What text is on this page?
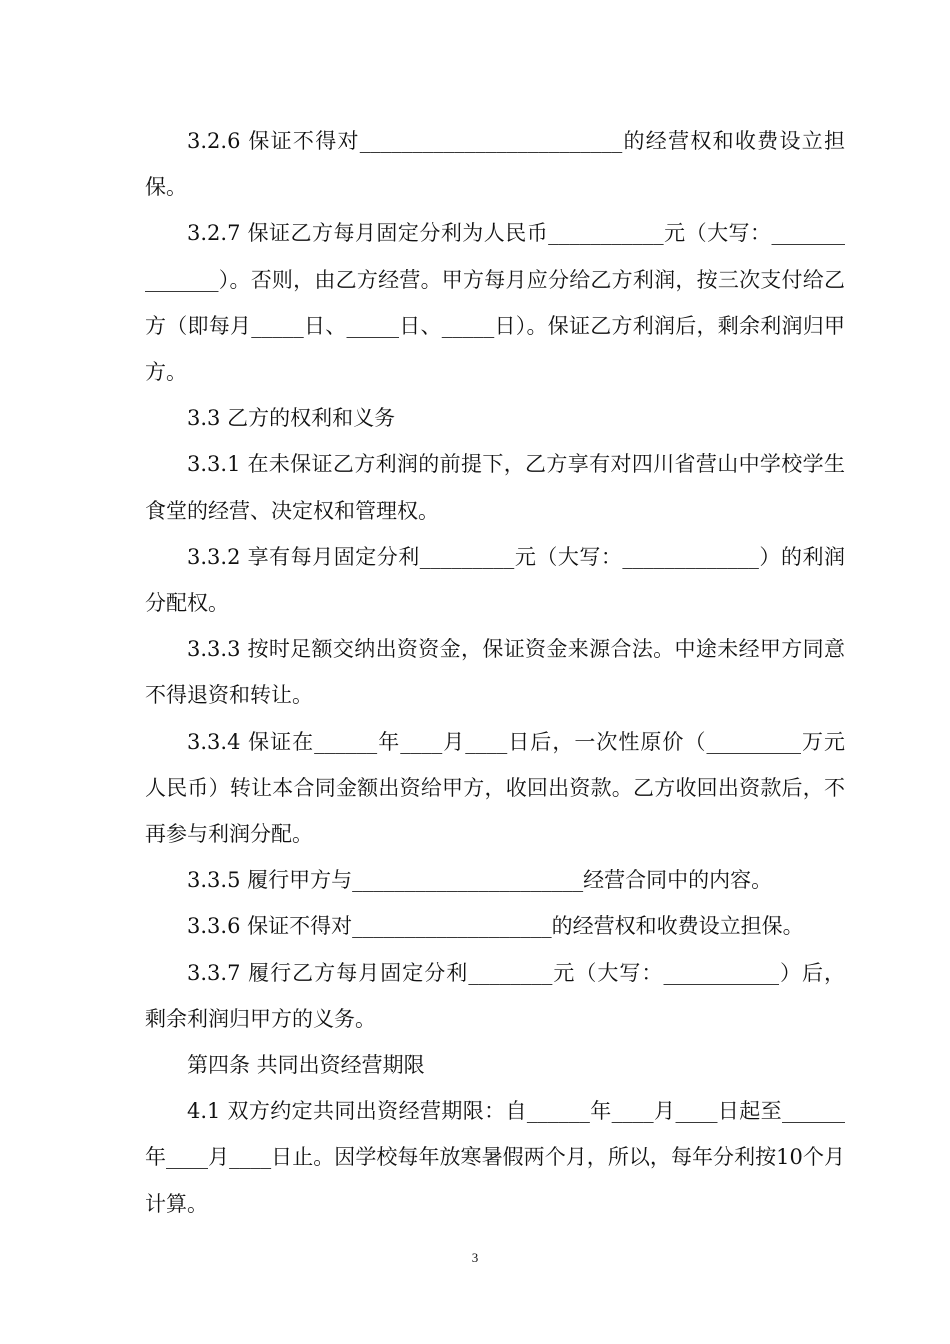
3.2.6 保证不得对_________________________的经营权和收费设立担保。

3.2.7 保证乙方每月固定分利为人民币___________元（大写：______________）。否则，由乙方经营。甲方每月应分给乙方利润，按三次支付给乙方（即每月_____日、_____日、_____日）。保证乙方利润后，剩余利润归甲方。

3.3 乙方的权利和义务

3.3.1 在未保证乙方利润的前提下，乙方享有对四川省营山中学校学生食堂的经营、决定权和管理权。

3.3.2 享有每月固定分利_________元（大写：_____________）的利润分配权。

3.3.3 按时足额交纳出资资金，保证资金来源合法。中途未经甲方同意不得退资和转让。

3.3.4 保证在______年____月____日后，一次性原价（_________万元人民币）转让本合同金额出资给甲方，收回出资款。乙方收回出资款后，不再参与利润分配。

3.3.5 履行甲方与______________________经营合同中的内容。

3.3.6 保证不得对___________________的经营权和收费设立担保。

3.3.7 履行乙方每月固定分利________元（大写：___________）后，剩余利润归甲方的义务。

第四条 共同出资经营期限

4.1 双方约定共同出资经营期限：自______年____月____日起至______年____月____日止。因学校每年放寒暑假两个月，所以，每年分利按10个月计算。

3
